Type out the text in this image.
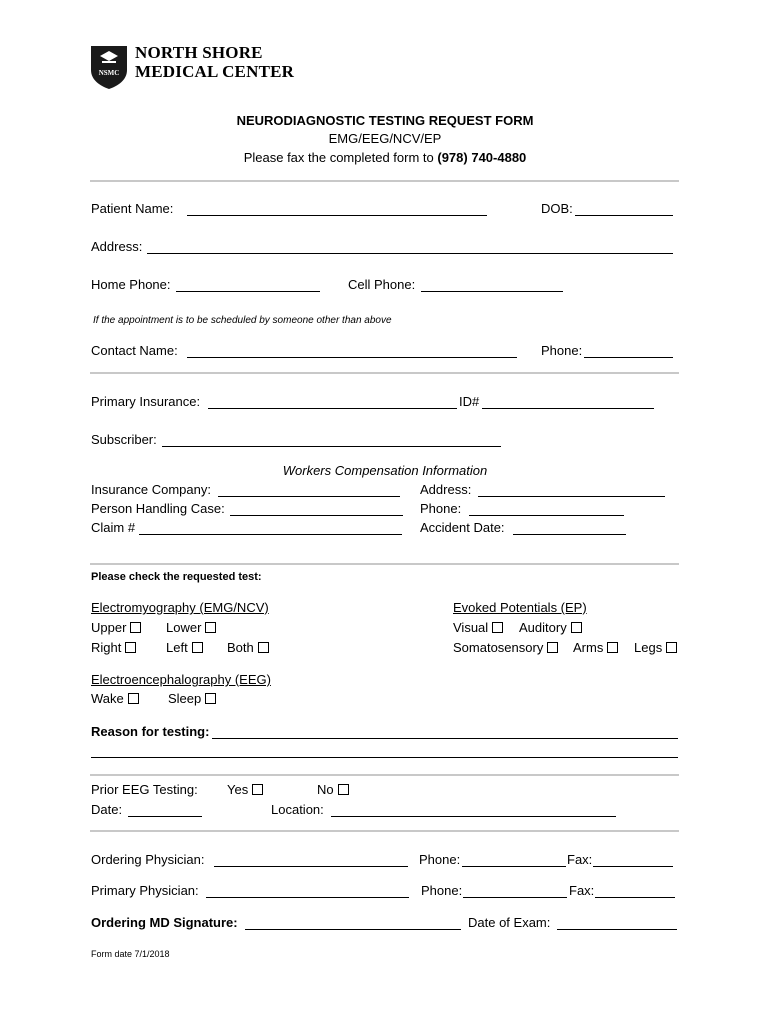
NSMC
NORTH SHORE
MEDICAL CENTER
NEURODIAGNOSTIC TESTING REQUEST FORM
EMG/EEG/NCV/EP
Please fax the completed form to (978) 740-4880
Patient Name:	DOB:
Address:
Home Phone:	Cell Phone:
If the appointment is to be scheduled by someone other than above
Contact Name:	Phone:
Primary Insurance:	ID#
Subscriber:
Workers Compensation Information
Insurance Company:	Address:
Person Handling Case:	Phone:
Claim #	Accident Date:
Please check the requested test:
Electromyography (EMG/NCV)
Upper	Lower
Right	Left	Both
Evoked Potentials (EP)
Visual	Auditory
Somatosensory	Arms	Legs
Electroencephalography (EEG)
Wake	Sleep
Reason for testing:
Prior EEG Testing: Yes	No
Date:	Location:
Ordering Physician:	Phone:	Fax:
Primary Physician:	Phone:	Fax:
Ordering MD Signature:	Date of Exam:
Form date 7/1/2018
